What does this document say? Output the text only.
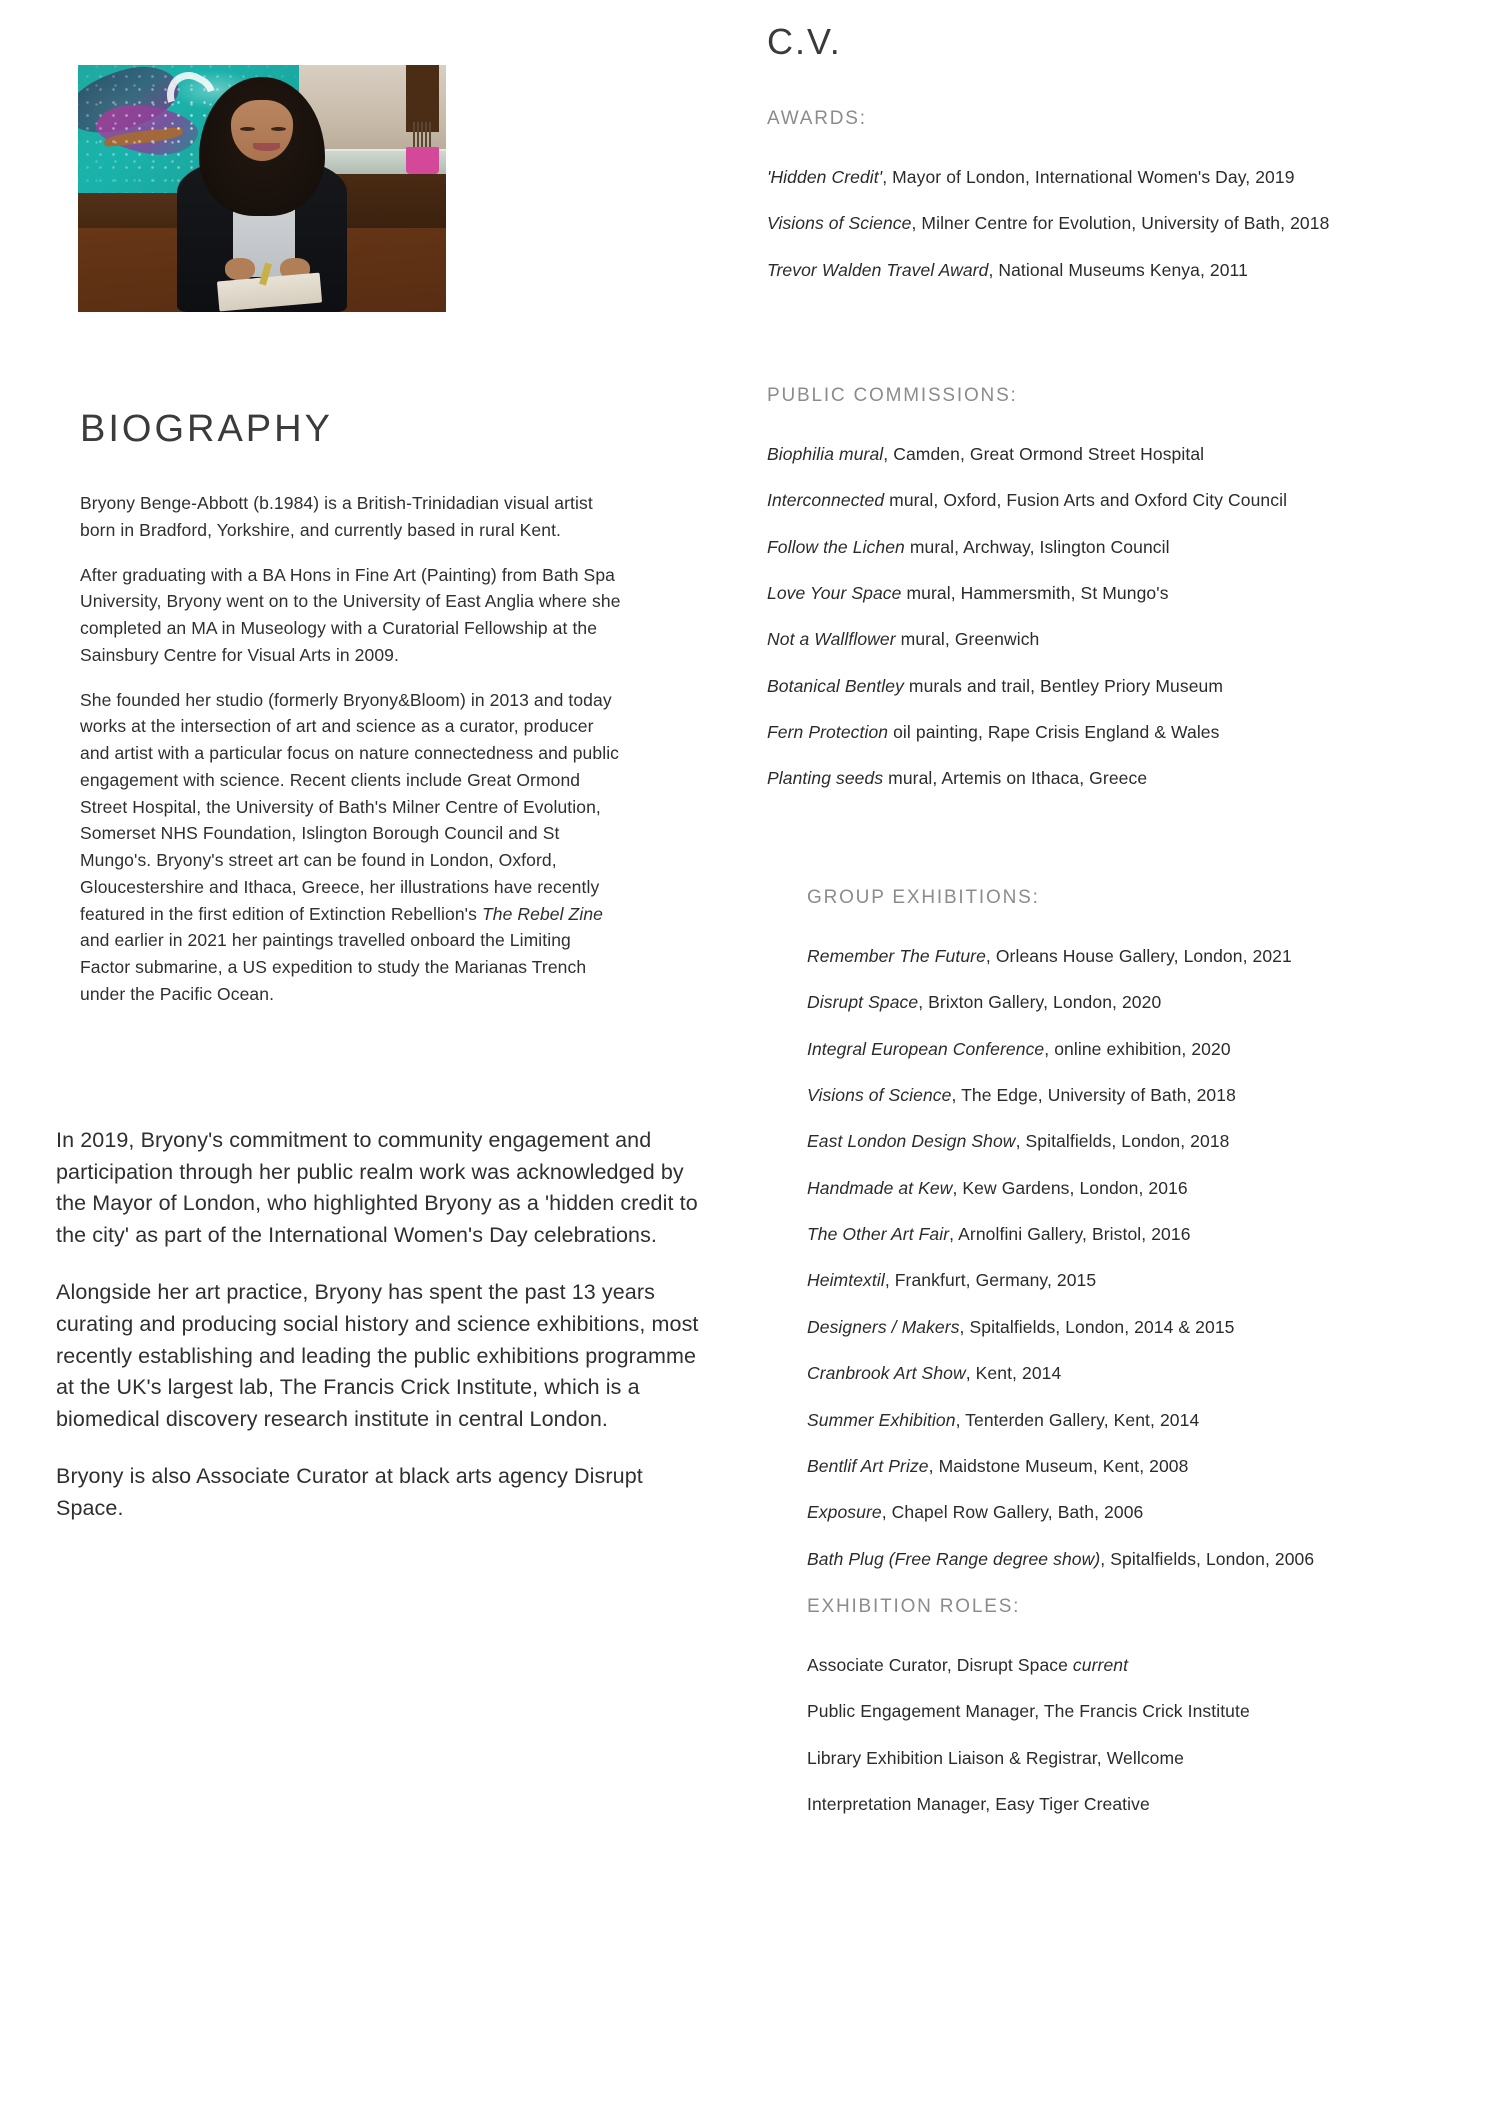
BIOGRAPHY

Bryony Benge-Abbott (b.1984) is a British-Trinidadian visual artist born in Bradford, Yorkshire, and currently based in rural Kent.

After graduating with a BA Hons in Fine Art (Painting) from Bath Spa University, Bryony went on to the University of East Anglia where she completed an MA in Museology with a Curatorial Fellowship at the Sainsbury Centre for Visual Arts in 2009.

She founded her studio (formerly Bryony&Bloom) in 2013 and today works at the intersection of art and science as a curator, producer and artist with a particular focus on nature connectedness and public engagement with science. Recent clients include Great Ormond Street Hospital, the University of Bath's Milner Centre of Evolution, Somerset NHS Foundation, Islington Borough Council and St Mungo's. Bryony's street art can be found in London, Oxford, Gloucestershire and Ithaca, Greece, her illustrations have recently featured in the first edition of Extinction Rebellion's The Rebel Zine and earlier in 2021 her paintings travelled onboard the Limiting Factor submarine, a US expedition to study the Marianas Trench under the Pacific Ocean.

In 2019, Bryony's commitment to community engagement and participation through her public realm work was acknowledged by the Mayor of London, who highlighted Bryony as a 'hidden credit to the city' as part of the International Women's Day celebrations.

Alongside her art practice, Bryony has spent the past 13 years curating and producing social history and science exhibitions, most recently establishing and leading the public exhibitions programme at the UK's largest lab, The Francis Crick Institute, which is a biomedical discovery research institute in central London.

Bryony is also Associate Curator at black arts agency Disrupt Space.

C.V.
AWARDS:
'Hidden Credit', Mayor of London, International Women's Day, 2019
Visions of Science, Milner Centre for Evolution, University of Bath, 2018
Trevor Walden Travel Award, National Museums Kenya, 2011
PUBLIC COMMISSIONS:
Biophilia mural, Camden, Great Ormond Street Hospital
Interconnected mural, Oxford, Fusion Arts and Oxford City Council
Follow the Lichen mural, Archway, Islington Council
Love Your Space mural, Hammersmith, St Mungo's
Not a Wallflower mural, Greenwich
Botanical Bentley murals and trail, Bentley Priory Museum
Fern Protection oil painting, Rape Crisis England & Wales
Planting seeds mural, Artemis on Ithaca, Greece
GROUP EXHIBITIONS:
Remember The Future, Orleans House Gallery, London, 2021
Disrupt Space, Brixton Gallery, London, 2020
Integral European Conference, online exhibition, 2020
Visions of Science, The Edge, University of Bath, 2018
East London Design Show, Spitalfields, London, 2018
Handmade at Kew, Kew Gardens, London, 2016
The Other Art Fair, Arnolfini Gallery, Bristol, 2016
Heimtextil, Frankfurt, Germany, 2015
Designers / Makers, Spitalfields, London, 2014 & 2015
Cranbrook Art Show, Kent, 2014
Summer Exhibition, Tenterden Gallery, Kent, 2014
Bentlif Art Prize, Maidstone Museum, Kent, 2008
Exposure, Chapel Row Gallery, Bath, 2006
Bath Plug (Free Range degree show), Spitalfields, London, 2006
EXHIBITION ROLES:
Associate Curator, Disrupt Space current
Public Engagement Manager, The Francis Crick Institute
Library Exhibition Liaison & Registrar, Wellcome
Interpretation Manager, Easy Tiger Creative
